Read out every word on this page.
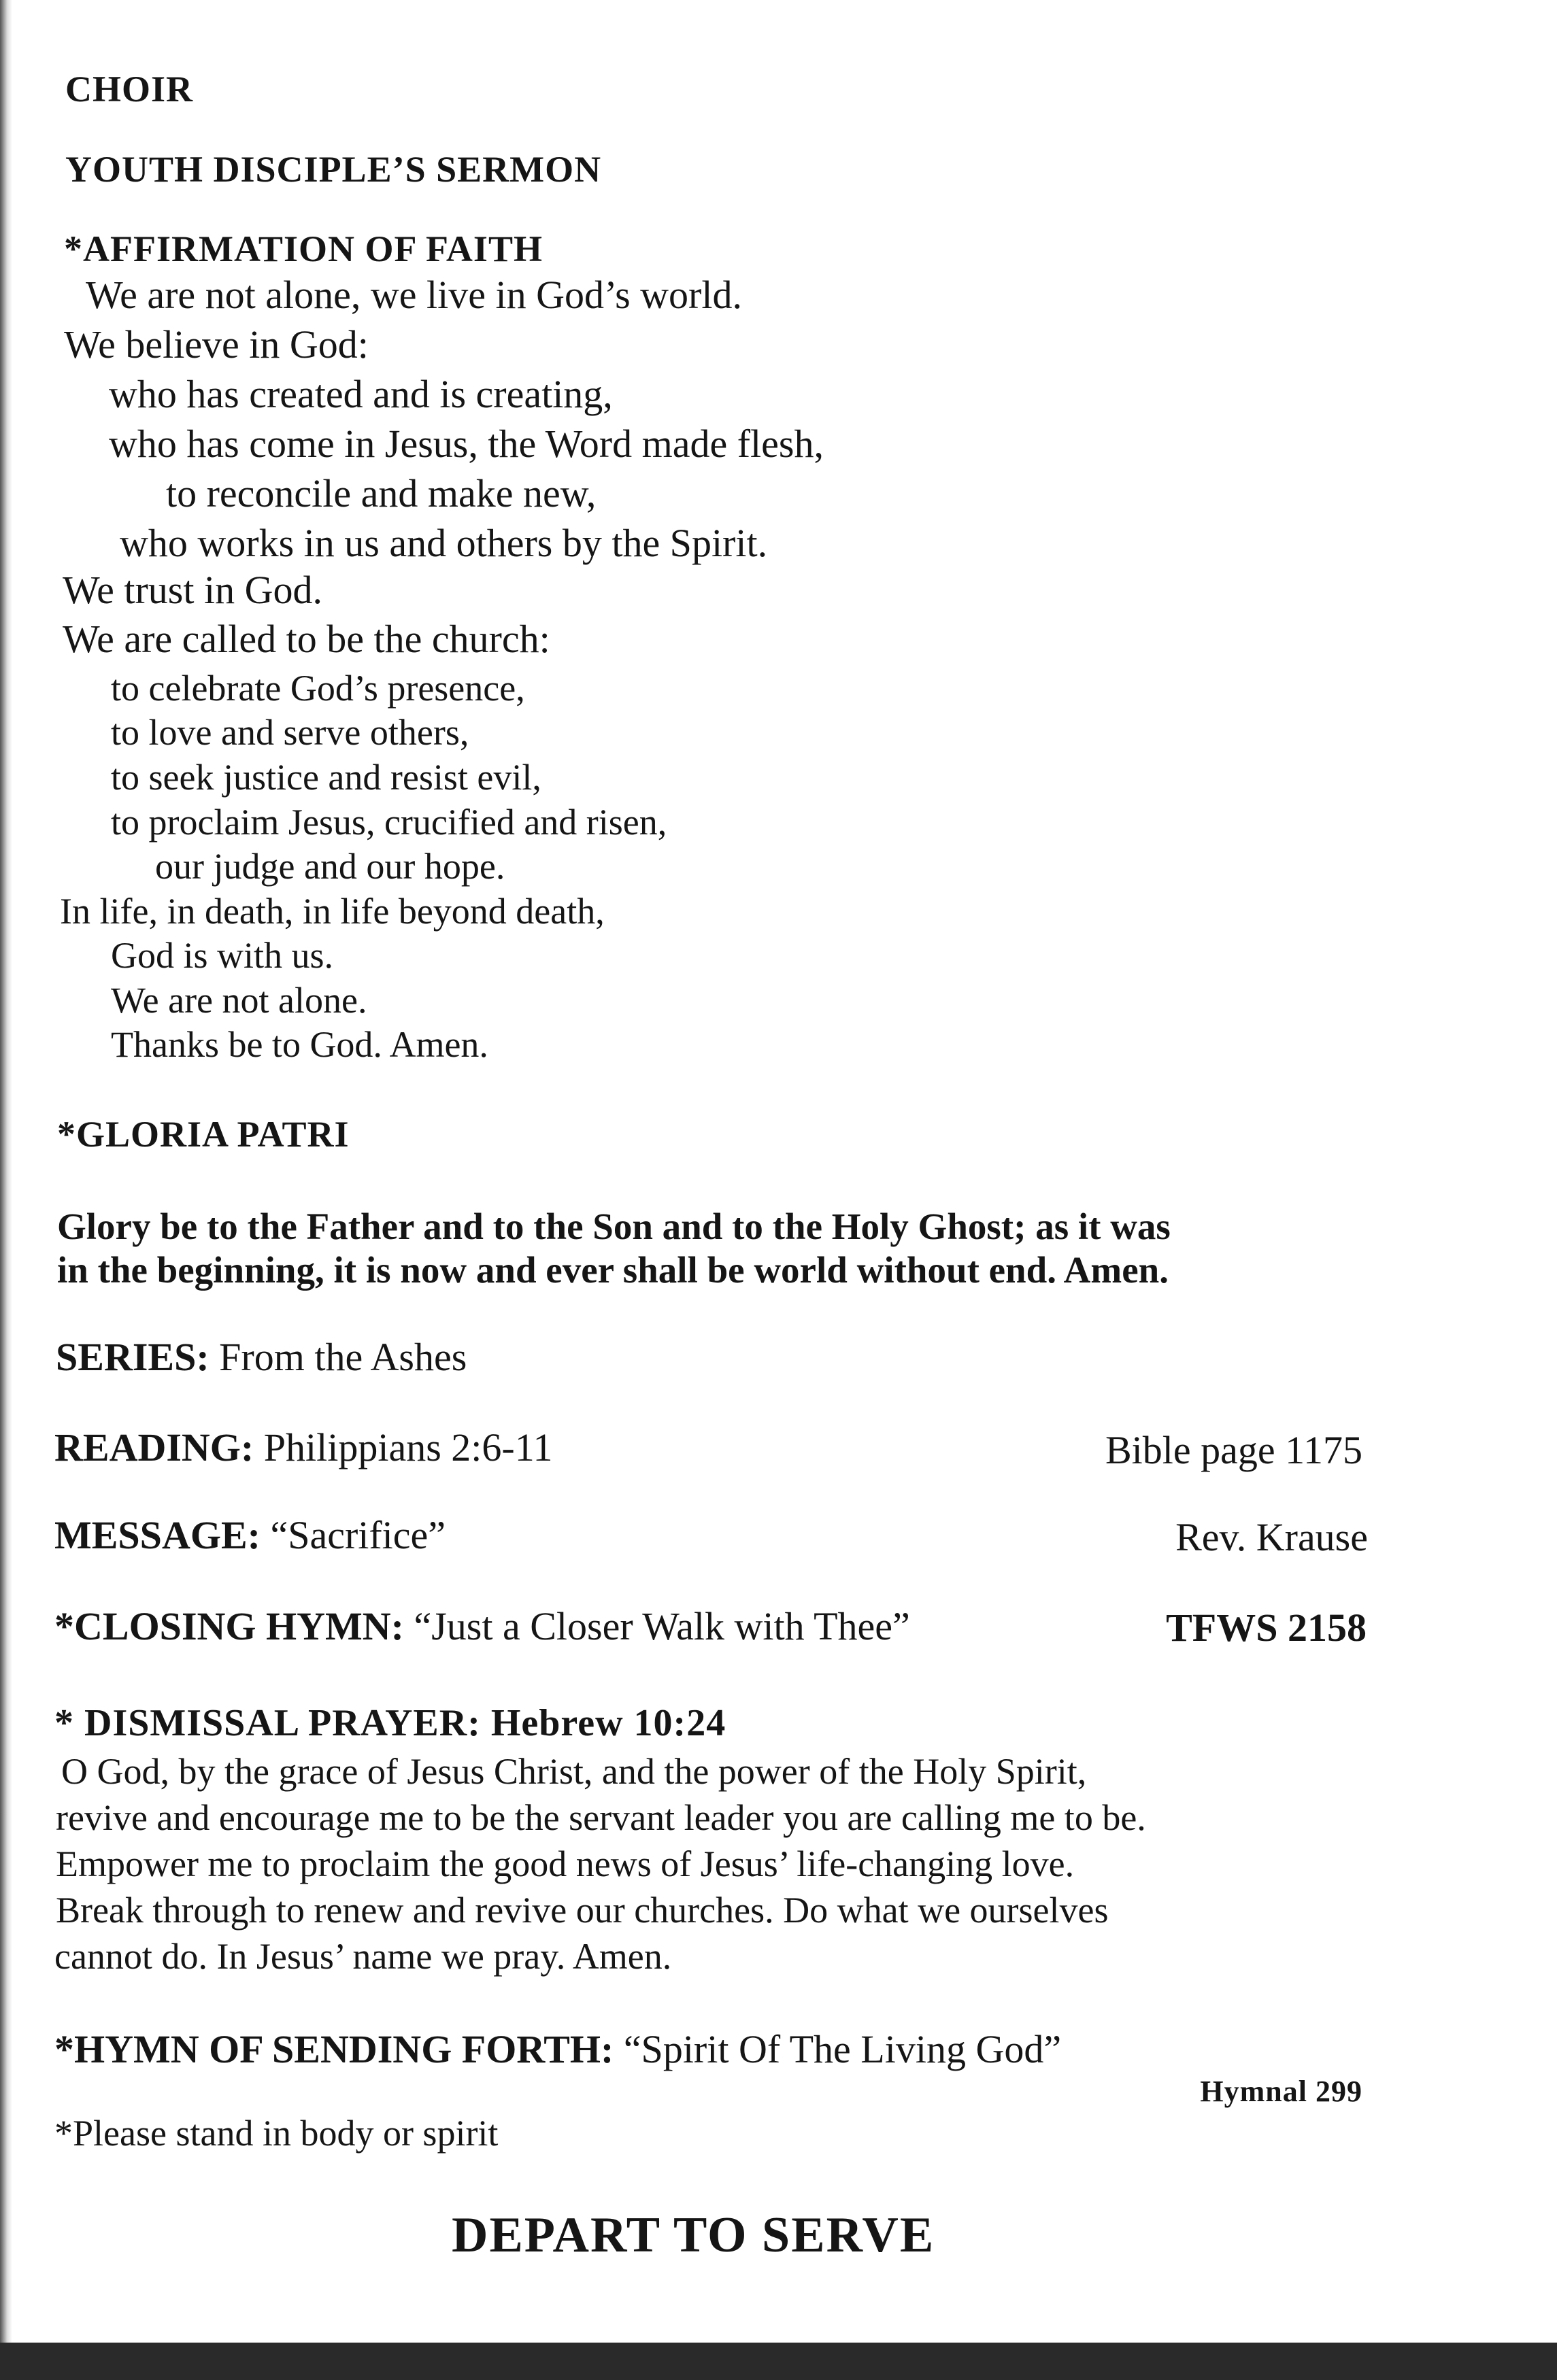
CHOIR
YOUTH DISCIPLE’S SERMON
*AFFIRMATION OF FAITH
We are not alone, we live in God’s world.
We believe in God:
who has created and is creating,
who has come in Jesus, the Word made flesh,
to reconcile and make new,
who works in us and others by the Spirit.
We trust in God.
We are called to be the church:
to celebrate God’s presence,
to love and serve others,
to seek justice and resist evil,
to proclaim Jesus, crucified and risen,
our judge and our hope.
In life, in death, in life beyond death,
God is with us.
We are not alone.
Thanks be to God. Amen.
*GLORIA PATRI
Glory be to the Father and to the Son and to the Holy Ghost; as it was
in the beginning, it is now and ever shall be world without end. Amen.
SERIES: From the Ashes
READING: Philippians 2:6-11	Bible page 1175
MESSAGE: “Sacrifice”	Rev. Krause
*CLOSING HYMN: “Just a Closer Walk with Thee”	TFWS 2158
* DISMISSAL PRAYER: Hebrew 10:24
O God, by the grace of Jesus Christ, and the power of the Holy Spirit,
revive and encourage me to be the servant leader you are calling me to be.
Empower me to proclaim the good news of Jesus’ life-changing love.
Break through to renew and revive our churches. Do what we ourselves
cannot do. In Jesus’ name we pray. Amen.
*HYMN OF SENDING FORTH: “Spirit Of The Living God”
Hymnal 299
*Please stand in body or spirit
DEPART TO SERVE
